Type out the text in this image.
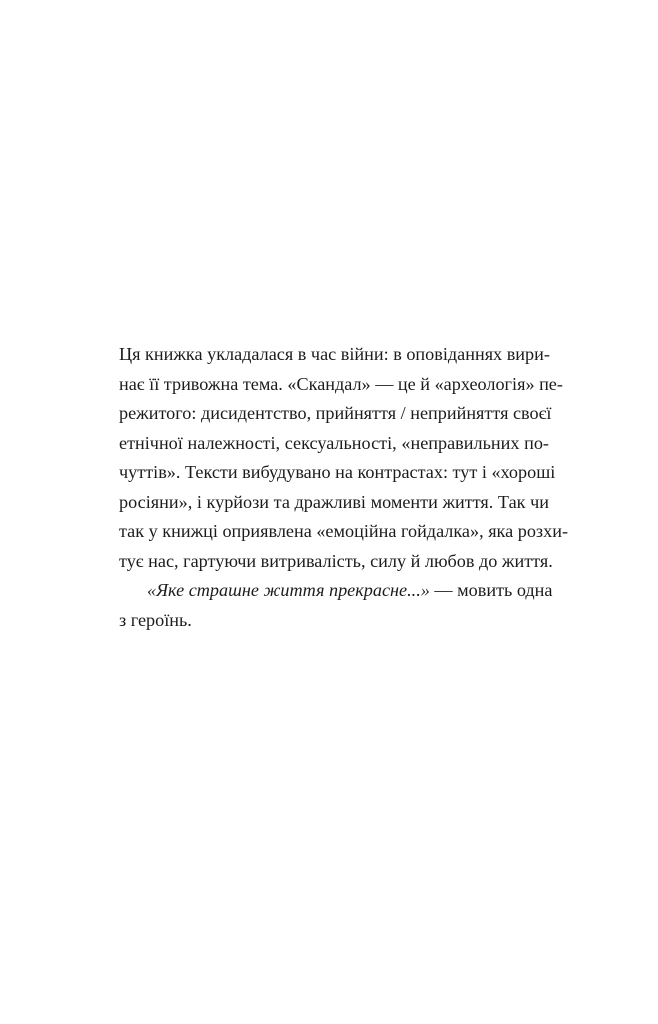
Ця книжка укладалася в час війни: в оповіданнях вири-
нає її тривожна тема. «Скандал» — це й «археологія» пе-
режитого: дисидентство, прийняття / неприйняття своєї
етнічної належності, сексуальності, «неправильних по-
чуттів». Тексти вибудувано на контрастах: тут і «хороші
росіяни», і курйози та дражливі моменти життя. Так чи
так у книжці оприявлена «емоційна гойдалка», яка розхи-
тує нас, гартуючи витривалість, силу й любов до життя.
«Яке страшне життя прекрасне...» — мовить одна
з героїнь.
